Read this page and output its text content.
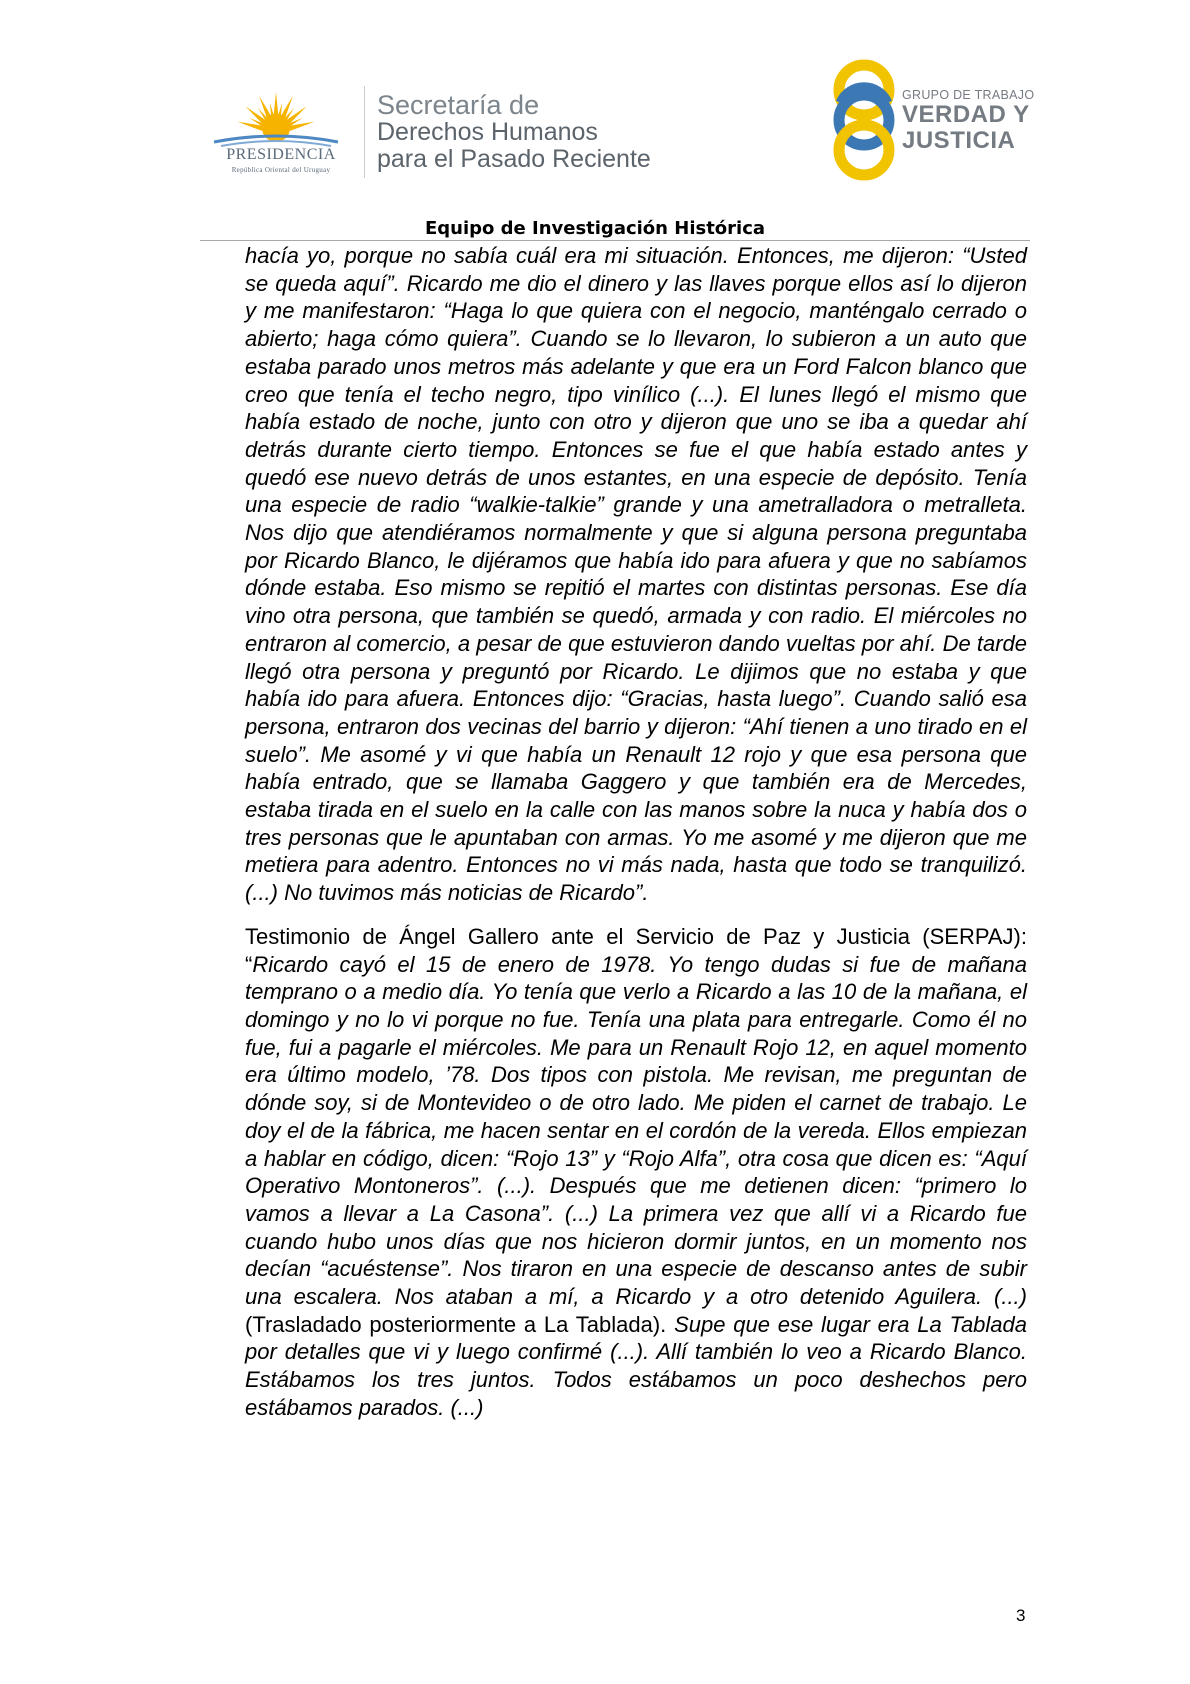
PRESIDENCIA
República Oriental del Uruguay
Secretaría de
Derechos Humanos
para el Pasado Reciente
GRUPO DE TRABAJO
VERDAD Y
JUSTICIA
Equipo de Investigación Histórica

hacía yo, porque no sabía cuál era mi situación. Entonces, me dijeron: “Usted se queda aquí”. Ricardo me dio el dinero y las llaves porque ellos así lo dijeron y me manifestaron: “Haga lo que quiera con el negocio, manténgalo cerrado o abierto; haga cómo quiera”. Cuando se lo llevaron, lo subieron a un auto que estaba parado unos metros más adelante y que era un Ford Falcon blanco que creo que tenía el techo negro, tipo vinílico (...). El lunes llegó el mismo que había estado de noche, junto con otro y dijeron que uno se iba a quedar ahí detrás durante cierto tiempo. Entonces se fue el que había estado antes y quedó ese nuevo detrás de unos estantes, en una especie de depósito. Tenía una especie de radio “walkie-talkie” grande y una ametralladora o metralleta. Nos dijo que atendiéramos normalmente y que si alguna persona preguntaba por Ricardo Blanco, le dijéramos que había ido para afuera y que no sabíamos dónde estaba. Eso mismo se repitió el martes con distintas personas. Ese día vino otra persona, que también se quedó, armada y con radio. El miércoles no entraron al comercio, a pesar de que estuvieron dando vueltas por ahí. De tarde llegó otra persona y preguntó por Ricardo. Le dijimos que no estaba y que había ido para afuera. Entonces dijo: “Gracias, hasta luego”. Cuando salió esa persona, entraron dos vecinas del barrio y dijeron: “Ahí tienen a uno tirado en el suelo”. Me asomé y vi que había un Renault 12 rojo y que esa persona que había entrado, que se llamaba Gaggero y que también era de Mercedes, estaba tirada en el suelo en la calle con las manos sobre la nuca y había dos o tres personas que le apuntaban con armas. Yo me asomé y me dijeron que me metiera para adentro. Entonces no vi más nada, hasta que todo se tranquilizó. (...) No tuvimos más noticias de Ricardo”.

Testimonio de Ángel Gallero ante el Servicio de Paz y Justicia (SERPAJ): “Ricardo cayó el 15 de enero de 1978. Yo tengo dudas si fue de mañana temprano o a medio día. Yo tenía que verlo a Ricardo a las 10 de la mañana, el domingo y no lo vi porque no fue. Tenía una plata para entregarle. Como él no fue, fui a pagarle el miércoles. Me para un Renault Rojo 12, en aquel momento era último modelo, ’78. Dos tipos con pistola. Me revisan, me preguntan de dónde soy, si de Montevideo o de otro lado. Me piden el carnet de trabajo. Le doy el de la fábrica, me hacen sentar en el cordón de la vereda. Ellos empiezan a hablar en código, dicen: “Rojo 13” y “Rojo Alfa”, otra cosa que dicen es: “Aquí Operativo Montoneros”. (...). Después que me detienen dicen: “primero lo vamos a llevar a La Casona”. (...) La primera vez que allí vi a Ricardo fue cuando hubo unos días que nos hicieron dormir juntos, en un momento nos decían “acuéstense”. Nos tiraron en una especie de descanso antes de subir una escalera. Nos ataban a mí, a Ricardo y a otro detenido Aguilera. (...) (Trasladado posteriormente a La Tablada). Supe que ese lugar era La Tablada por detalles que vi y luego confirmé (...). Allí también lo veo a Ricardo Blanco. Estábamos los tres juntos. Todos estábamos un poco deshechos pero estábamos parados. (...)

3
